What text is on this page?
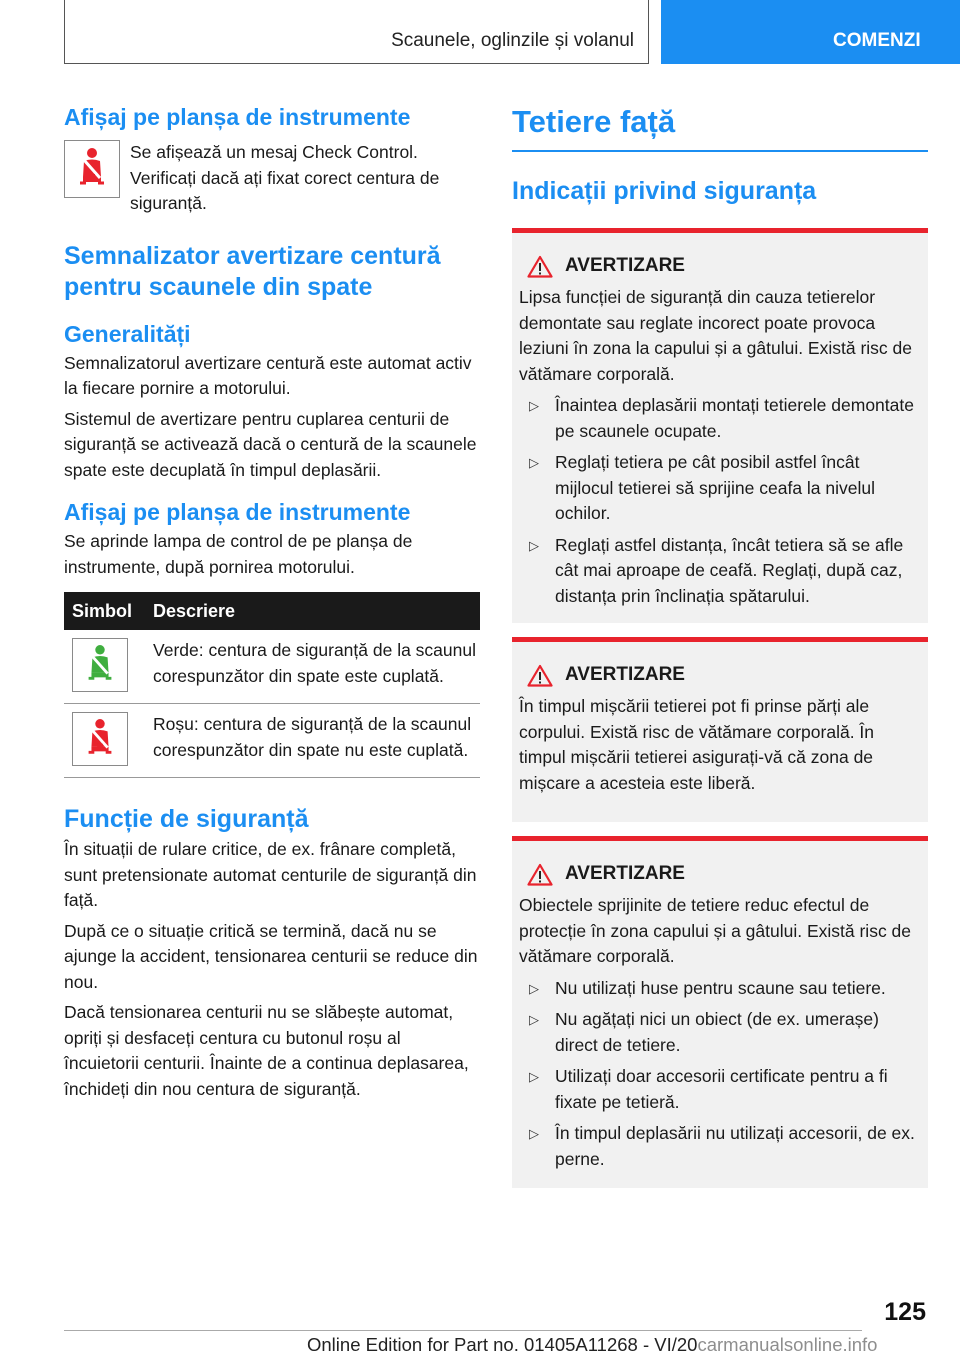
Scaunele, oglinzile și volanul	COMENZI
Afișaj pe planșa de instrumente

Se afișează un mesaj Check Control. Verificați dacă ați fixat corect centura de siguranță.

Semnalizator avertizare centură pentru scaunele din spate
Generalități

Semnalizatorul avertizare centură este automat activ la fiecare pornire a motorului.

Sistemul de avertizare pentru cuplarea centurii de siguranță se activează dacă o centură de la scaunele spate este decuplată în timpul deplasării.

Afișaj pe planșa de instrumente

Se aprinde lampa de control de pe planșa de instrumente, după pornirea motorului.

Simbol	Descriere

Verde: centura de siguranță de la scaunul corespunzător din spate este cuplată.

Roșu: centura de siguranță de la scaunul corespunzător din spate nu este cuplată.

Funcție de siguranță

În situații de rulare critice, de ex. frânare completă, sunt pretensionate automat centurile de siguranță din față.

După ce o situație critică se termină, dacă nu se ajunge la accident, tensionarea centurii se reduce din nou.

Dacă tensionarea centurii nu se slăbește automat, opriți și desfaceți centura cu butonul roșu al încuietorii centurii. Înainte de a continua deplasarea, închideți din nou centura de siguranță.

Tetiere față
Indicații privind siguranța
AVERTIZARE

Lipsa funcției de siguranță din cauza tetierelor demontate sau reglate incorect poate provoca leziuni în zona la capului și a gâtului. Există risc de vătămare corporală.

▷ Înaintea deplasării montați tetierele demontate pe scaunele ocupate.

▷ Reglați tetiera pe cât posibil astfel încât mijlocul tetierei să sprijine ceafa la nivelul ochilor.

▷ Reglați astfel distanța, încât tetiera să se afle cât mai aproape de ceafă. Reglați, după caz, distanța prin înclinația spătarului.

AVERTIZARE

În timpul mișcării tetierei pot fi prinse părți ale corpului. Există risc de vătămare corporală. În timpul mișcării tetierei asigurați-vă că zona de mișcare a acesteia este liberă.

AVERTIZARE

Obiectele sprijinite de tetiere reduc efectul de protecție în zona capului și a gâtului. Există risc de vătămare corporală.

▷ Nu utilizați huse pentru scaune sau tetiere.

▷ Nu agățați nici un obiect (de ex. umerașe) direct de tetiere.

▷ Utilizați doar accesorii certificate pentru a fi fixate pe tetieră.

▷ În timpul deplasării nu utilizați accesorii, de ex. perne.

125
Online Edition for Part no. 01405A11268 - VI/20carmanualsonline.info
